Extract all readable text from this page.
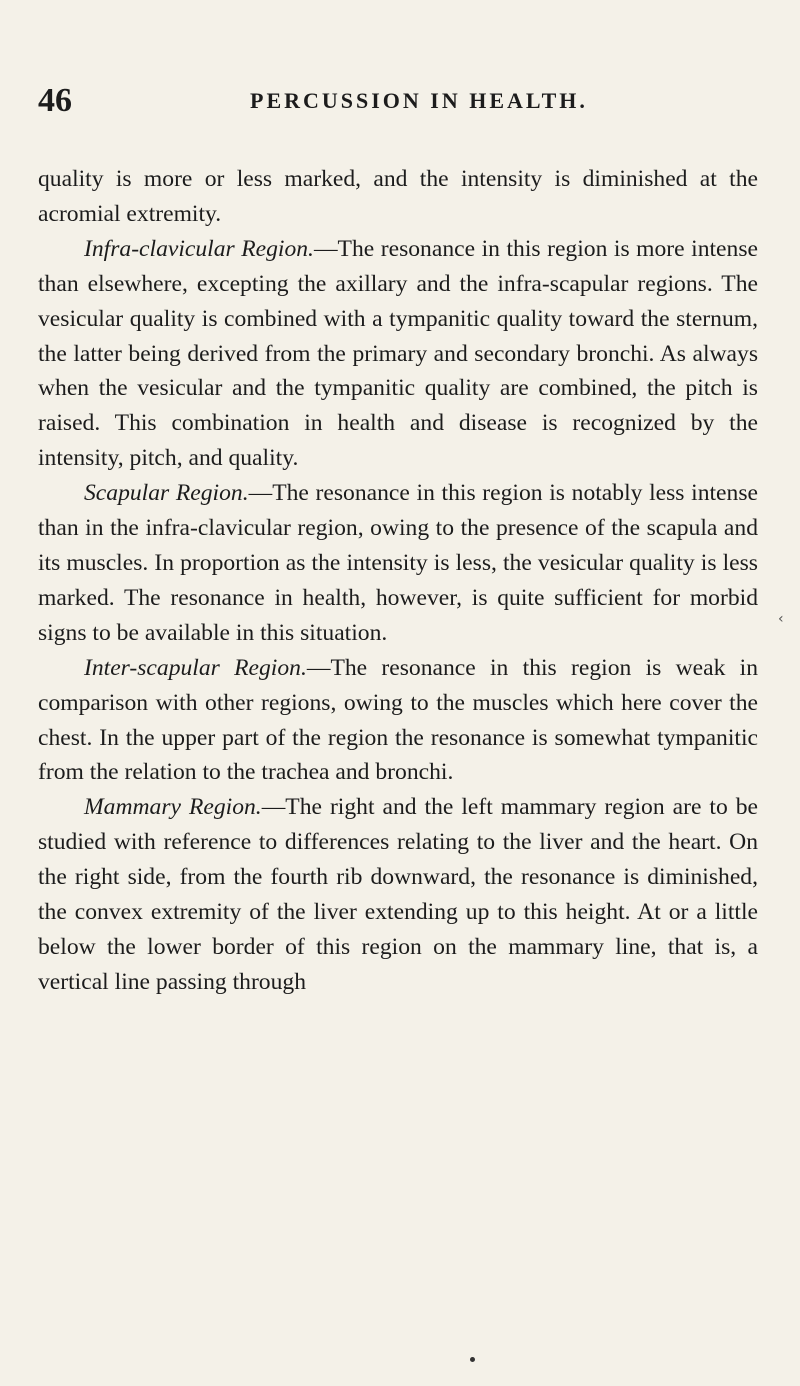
46	PERCUSSION IN HEALTH.

quality is more or less marked, and the intensity is diminished at the acromial extremity.

Infra-clavicular Region.—The resonance in this region is more intense than elsewhere, excepting the axillary and the infra-scapular regions. The vesicular quality is combined with a tympanitic quality toward the sternum, the latter being derived from the primary and secondary bronchi. As always when the vesicular and the tympanitic quality are combined, the pitch is raised. This combination in health and disease is recognized by the intensity, pitch, and quality.

Scapular Region.—The resonance in this region is notably less intense than in the infra-clavicular region, owing to the presence of the scapula and its muscles. In proportion as the intensity is less, the vesicular quality is less marked. The resonance in health, however, is quite sufficient for morbid signs to be available in this situation.

Inter-scapular Region.—The resonance in this region is weak in comparison with other regions, owing to the muscles which here cover the chest. In the upper part of the region the resonance is somewhat tympanitic from the relation to the trachea and bronchi.

Mammary Region.—The right and the left mammary region are to be studied with reference to differences relating to the liver and the heart. On the right side, from the fourth rib downward, the resonance is diminished, the convex extremity of the liver extending up to this height. At or a little below the lower border of this region on the mammary line, that is, a vertical line passing through

‹
